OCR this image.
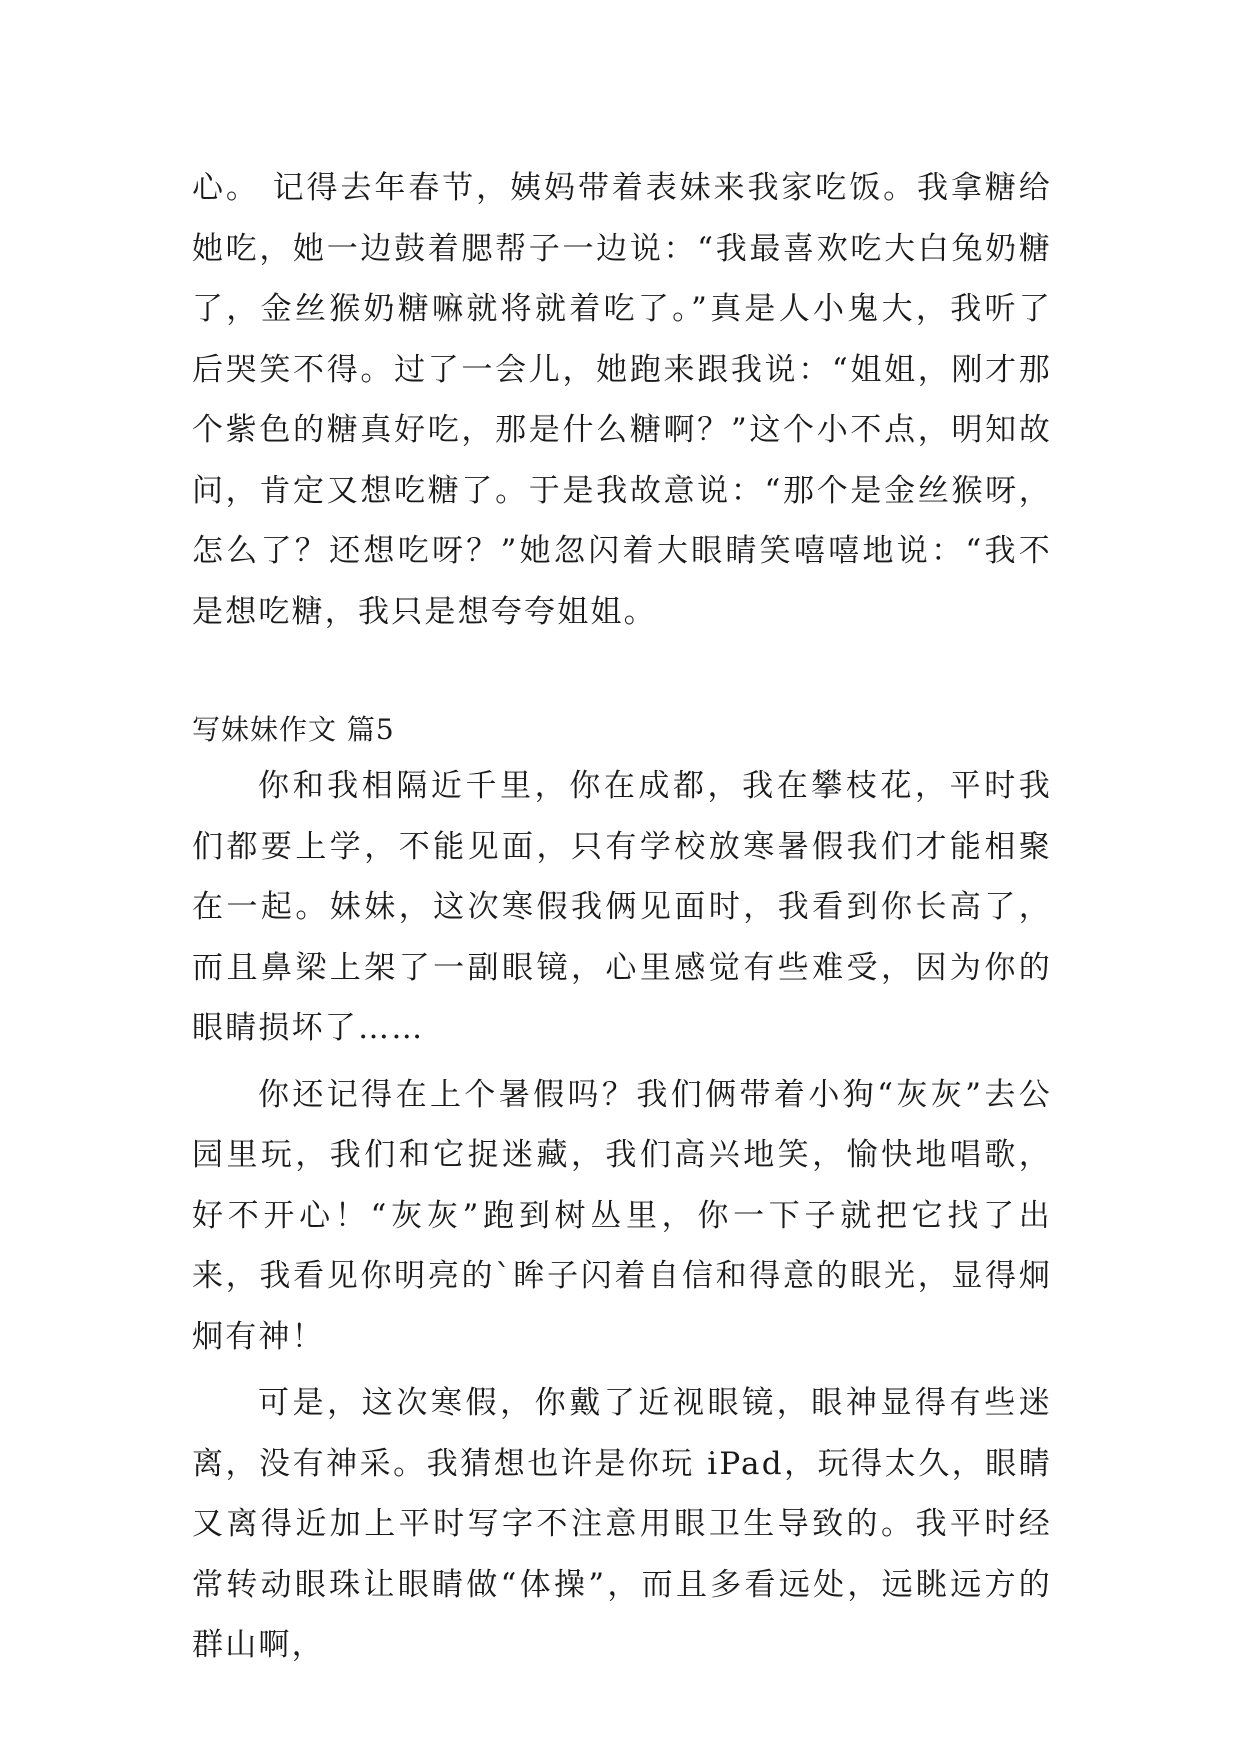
心。 记得去年春节，姨妈带着表妹来我家吃饭。我拿糖给她吃，她一边鼓着腮帮子一边说：“我最喜欢吃大白兔奶糖了，金丝猴奶糖嘛就将就着吃了。”真是人小鬼大，我听了后哭笑不得。过了一会儿，她跑来跟我说：“姐姐，刚才那个紫色的糖真好吃，那是什么糖啊？”这个小不点，明知故问，肯定又想吃糖了。于是我故意说：“那个是金丝猴呀，怎么了？还想吃呀？”她忽闪着大眼睛笑嘻嘻地说：“我不是想吃糖，我只是想夸夸姐姐。

写妹妹作文 篇5

你和我相隔近千里，你在成都，我在攀枝花，平时我们都要上学，不能见面，只有学校放寒暑假我们才能相聚在一起。妹妹，这次寒假我俩见面时，我看到你长高了，而且鼻梁上架了一副眼镜，心里感觉有些难受，因为你的眼睛损坏了……

你还记得在上个暑假吗？我们俩带着小狗“灰灰”去公园里玩，我们和它捉迷藏，我们高兴地笑，愉快地唱歌，好不开心！“灰灰”跑到树丛里，你一下子就把它找了出来，我看见你明亮的`眸子闪着自信和得意的眼光，显得炯炯有神！

可是，这次寒假，你戴了近视眼镜，眼神显得有些迷离，没有神采。我猜想也许是你玩 iPad，玩得太久，眼睛又离得近加上平时写字不注意用眼卫生导致的。我平时经常转动眼珠让眼睛做“体操”，而且多看远处，远眺远方的群山啊，
